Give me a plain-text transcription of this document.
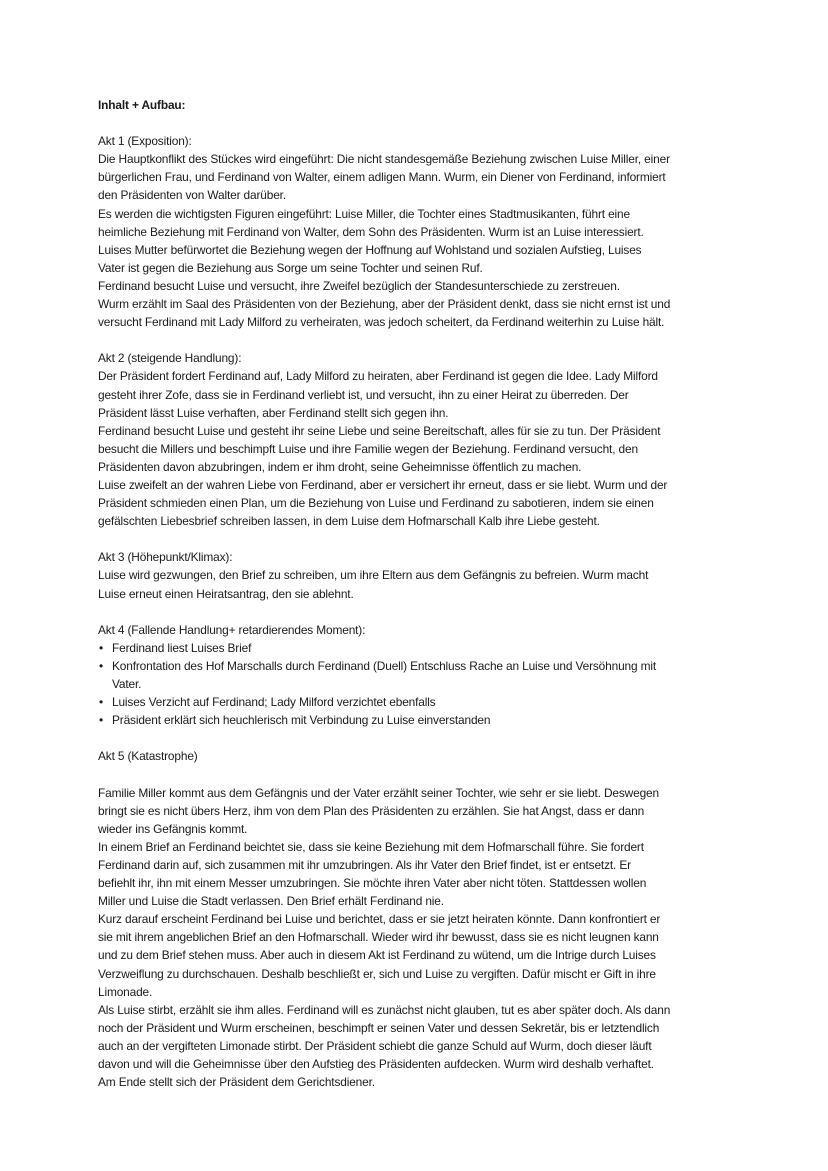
Inhalt + Aufbau:
Akt 1 (Exposition):
Die Hauptkonflikt des Stückes wird eingeführt: Die nicht standesgemäße Beziehung zwischen Luise Miller, einer
bürgerlichen Frau, und Ferdinand von Walter, einem adligen Mann. Wurm, ein Diener von Ferdinand, informiert
den Präsidenten von Walter darüber.
Es werden die wichtigsten Figuren eingeführt: Luise Miller, die Tochter eines Stadtmusikanten, führt eine
heimliche Beziehung mit Ferdinand von Walter, dem Sohn des Präsidenten. Wurm ist an Luise interessiert.
Luises Mutter befürwortet die Beziehung wegen der Hoffnung auf Wohlstand und sozialen Aufstieg, Luises
Vater ist gegen die Beziehung aus Sorge um seine Tochter und seinen Ruf.
Ferdinand besucht Luise und versucht, ihre Zweifel bezüglich der Standesunterschiede zu zerstreuen.
Wurm erzählt im Saal des Präsidenten von der Beziehung, aber der Präsident denkt, dass sie nicht ernst ist und
versucht Ferdinand mit Lady Milford zu verheiraten, was jedoch scheitert, da Ferdinand weiterhin zu Luise hält.
Akt 2 (steigende Handlung):
Der Präsident fordert Ferdinand auf, Lady Milford zu heiraten, aber Ferdinand ist gegen die Idee. Lady Milford
gesteht ihrer Zofe, dass sie in Ferdinand verliebt ist, und versucht, ihn zu einer Heirat zu überreden. Der
Präsident lässt Luise verhaften, aber Ferdinand stellt sich gegen ihn.
Ferdinand besucht Luise und gesteht ihr seine Liebe und seine Bereitschaft, alles für sie zu tun. Der Präsident
besucht die Millers und beschimpft Luise und ihre Familie wegen der Beziehung. Ferdinand versucht, den
Präsidenten davon abzubringen, indem er ihm droht, seine Geheimnisse öffentlich zu machen.
Luise zweifelt an der wahren Liebe von Ferdinand, aber er versichert ihr erneut, dass er sie liebt. Wurm und der
Präsident schmieden einen Plan, um die Beziehung von Luise und Ferdinand zu sabotieren, indem sie einen
gefälschten Liebesbrief schreiben lassen, in dem Luise dem Hofmarschall Kalb ihre Liebe gesteht.
Akt 3 (Höhepunkt/Klimax):
Luise wird gezwungen, den Brief zu schreiben, um ihre Eltern aus dem Gefängnis zu befreien. Wurm macht
Luise erneut einen Heiratsantrag, den sie ablehnt.
Akt 4 (Fallende Handlung+ retardierendes Moment):
• Ferdinand liest Luises Brief
• Konfrontation des Hof Marschalls durch Ferdinand (Duell) Entschluss Rache an Luise und Versöhnung mit
Vater.
• Luises Verzicht auf Ferdinand; Lady Milford verzichtet ebenfalls
• Präsident erklärt sich heuchlerisch mit Verbindung zu Luise einverstanden
Akt 5 (Katastrophe)
Familie Miller kommt aus dem Gefängnis und der Vater erzählt seiner Tochter, wie sehr er sie liebt. Deswegen
bringt sie es nicht übers Herz, ihm von dem Plan des Präsidenten zu erzählen. Sie hat Angst, dass er dann
wieder ins Gefängnis kommt.
In einem Brief an Ferdinand beichtet sie, dass sie keine Beziehung mit dem Hofmarschall führe. Sie fordert
Ferdinand darin auf, sich zusammen mit ihr umzubringen. Als ihr Vater den Brief findet, ist er entsetzt. Er
befiehlt ihr, ihn mit einem Messer umzubringen. Sie möchte ihren Vater aber nicht töten. Stattdessen wollen
Miller und Luise die Stadt verlassen. Den Brief erhält Ferdinand nie.
Kurz darauf erscheint Ferdinand bei Luise und berichtet, dass er sie jetzt heiraten könnte. Dann konfrontiert er
sie mit ihrem angeblichen Brief an den Hofmarschall. Wieder wird ihr bewusst, dass sie es nicht leugnen kann
und zu dem Brief stehen muss. Aber auch in diesem Akt ist Ferdinand zu wütend, um die Intrige durch Luises
Verzweiflung zu durchschauen. Deshalb beschließt er, sich und Luise zu vergiften. Dafür mischt er Gift in ihre
Limonade.
Als Luise stirbt, erzählt sie ihm alles. Ferdinand will es zunächst nicht glauben, tut es aber später doch. Als dann
noch der Präsident und Wurm erscheinen, beschimpft er seinen Vater und dessen Sekretär, bis er letztendlich
auch an der vergifteten Limonade stirbt. Der Präsident schiebt die ganze Schuld auf Wurm, doch dieser läuft
davon und will die Geheimnisse über den Aufstieg des Präsidenten aufdecken. Wurm wird deshalb verhaftet.
Am Ende stellt sich der Präsident dem Gerichtsdiener.
